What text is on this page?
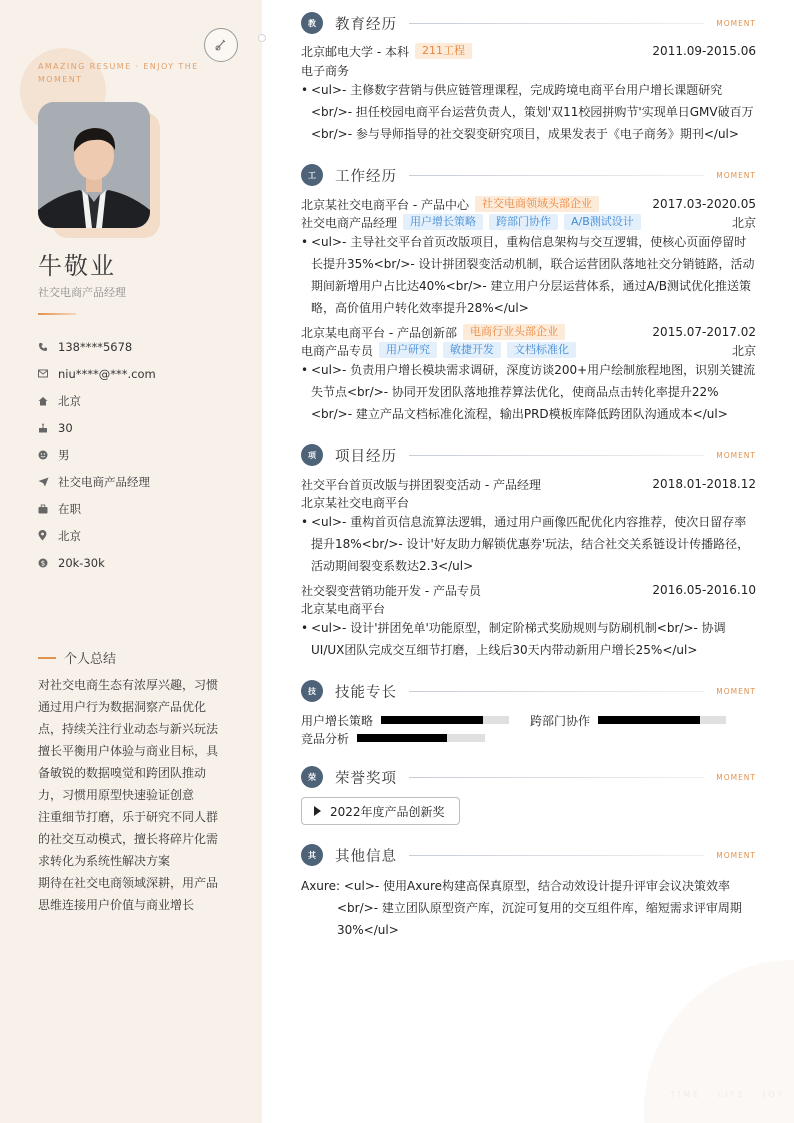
AMAZING RESUME · ENJOY THE MOMENT
牛敬业
社交电商产品经理
138****5678
niu****@***.com
北京
30
男
社交电商产品经理
在职
北京
$ 20k-30k
个人总结
对社交电商生态有浓厚兴趣，习惯
通过用户行为数据洞察产品优化
点，持续关注行业动态与新兴玩法
擅长平衡用户体验与商业目标，具
备敏锐的数据嗅觉和跨团队推动
力，习惯用原型快速验证创意
注重细节打磨，乐于研究不同人群
的社交互动模式，擅长将碎片化需
求转化为系统性解决方案
期待在社交电商领域深耕，用产品
思维连接用户价值与商业增长
TIME · LIFE · JOY
教	教育经历	MOMENT
北京邮电大学 - 本科	211工程	2011.09-2015.06
电子商务
• <ul>- 主修数字营销与供应链管理课程，完成跨境电商平台用户增长课题研究<br/>- 担任校园电商平台运营负责人，策划'双11校园拼购节'实现单日GMV破百万<br/>- 参与导师指导的社交裂变研究项目，成果发表于《电子商务》期刊</ul>
工	工作经历	MOMENT
北京某社交电商平台 - 产品中心	社交电商领域头部企业	2017.03-2020.05
社交电商产品经理	用户增长策略	跨部门协作	A/B测试设计	北京
• <ul>- 主导社交平台首页改版项目，重构信息架构与交互逻辑，使核心页面停留时长提升35%<br/>- 设计拼团裂变活动机制，联合运营团队落地社交分销链路，活动期间新增用户占比达40%<br/>- 建立用户分层运营体系，通过A/B测试优化推送策略，高价值用户转化效率提升28%</ul>
北京某电商平台 - 产品创新部	电商行业头部企业	2015.07-2017.02
电商产品专员	用户研究	敏捷开发	文档标准化	北京
• <ul>- 负责用户增长模块需求调研，深度访谈200+用户绘制旅程地图，识别关键流失节点<br/>- 协同开发团队落地推荐算法优化，使商品点击转化率提升22%<br/>- 建立产品文档标准化流程，输出PRD模板库降低跨团队沟通成本</ul>
项	项目经历	MOMENT
社交平台首页改版与拼团裂变活动 - 产品经理	2018.01-2018.12
北京某社交电商平台
• <ul>- 重构首页信息流算法逻辑，通过用户画像匹配优化内容推荐，使次日留存率提升18%<br/>- 设计'好友助力解锁优惠券'玩法，结合社交关系链设计传播路径，活动期间裂变系数达2.3</ul>
社交裂变营销功能开发 - 产品专员	2016.05-2016.10
北京某电商平台
• <ul>- 设计'拼团免单'功能原型，制定阶梯式奖励规则与防刷机制<br/>- 协调UI/UX团队完成交互细节打磨，上线后30天内带动新用户增长25%</ul>
技	技能专长	MOMENT
用户增长策略	跨部门协作
竞品分析
荣	荣誉奖项	MOMENT
2022年度产品创新奖
其	其他信息	MOMENT
Axure: <ul>- 使用Axure构建高保真原型，结合动效设计提升评审会议决策效率<br/>- 建立团队原型资产库，沉淀可复用的交互组件库，缩短需求评审周期30%</ul>
